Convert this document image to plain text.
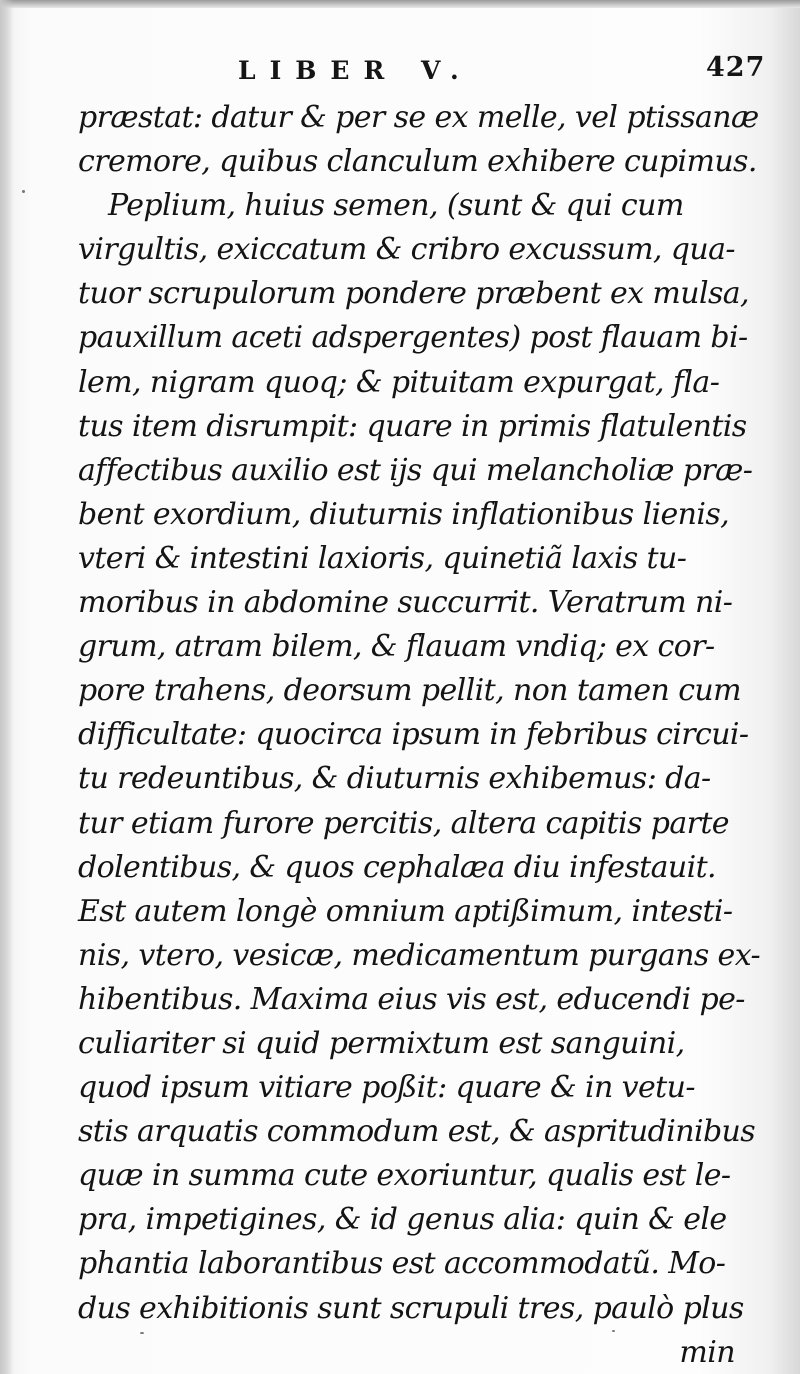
LIBER V.	427
præstat: datur & per se ex melle, vel ptissanæ
cremore, quibus clanculum exhibere cupimus.
Peplium, huius semen, (sunt & qui cum
virgultis, exiccatum & cribro excussum, qua-
tuor scrupulorum pondere præbent ex mulsa,
pauxillum aceti adspergentes) post flauam bi-
lem, nigram quoq; & pituitam expurgat, fla-
tus item disrumpit: quare in primis flatulentis
affectibus auxilio est ijs qui melancholiæ præ-
bent exordium, diuturnis inflationibus lienis,
vteri & intestini laxioris, quinetiã laxis tu-
moribus in abdomine succurrit. Veratrum ni-
grum, atram bilem, & flauam vndiq; ex cor-
pore trahens, deorsum pellit, non tamen cum
difficultate: quocirca ipsum in febribus circui-
tu redeuntibus, & diuturnis exhibemus: da-
tur etiam furore percitis, altera capitis parte
dolentibus, & quos cephalæa diu infestauit.
Est autem longè omnium aptißimum, intesti-
nis, vtero, vesicæ, medicamentum purgans ex-
hibentibus. Maxima eius vis est, educendi pe-
culiariter si quid permixtum est sanguini,
quod ipsum vitiare poßit: quare & in vetu-
stis arquatis commodum est, & aspritudinibus
quæ in summa cute exoriuntur, qualis est le-
pra, impetigines, & id genus alia: quin & ele
phantia laborantibus est accommodatũ. Mo-
dus exhibitionis sunt scrupuli tres, paulò plus
min
